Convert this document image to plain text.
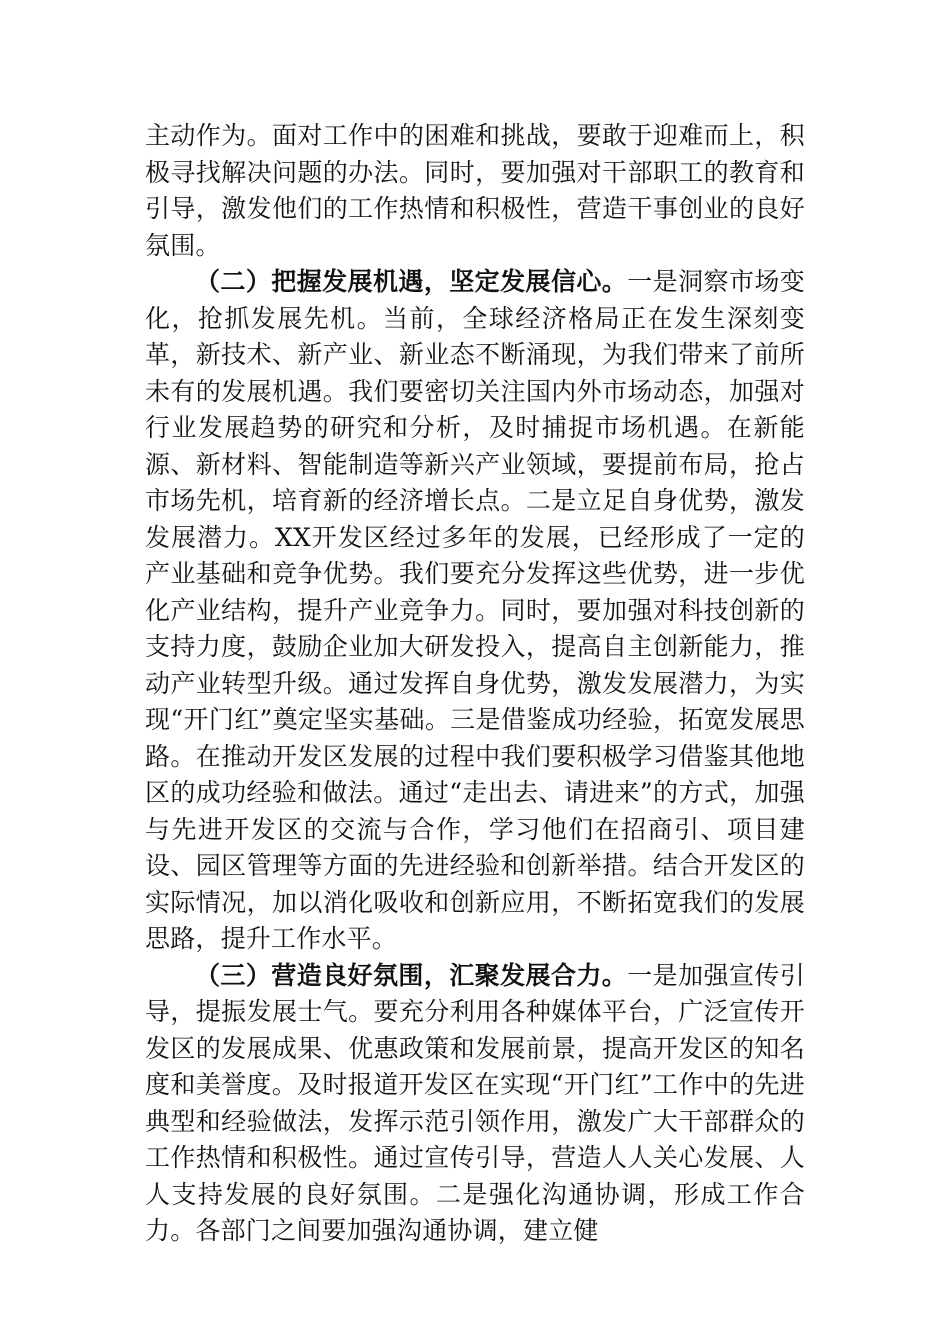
主动作为。面对工作中的困难和挑战，要敢于迎难而上，积极寻找解决问题的办法。同时，要加强对干部职工的教育和引导，激发他们的工作热情和积极性，营造干事创业的良好氛围。

（二）把握发展机遇，坚定发展信心。一是洞察市场变化，抢抓发展先机。当前，全球经济格局正在发生深刻变革，新技术、新产业、新业态不断涌现，为我们带来了前所未有的发展机遇。我们要密切关注国内外市场动态，加强对行业发展趋势的研究和分析，及时捕捉市场机遇。在新能源、新材料、智能制造等新兴产业领域，要提前布局，抢占市场先机，培育新的经济增长点。二是立足自身优势，激发发展潜力。XX开发区经过多年的发展，已经形成了一定的产业基础和竞争优势。我们要充分发挥这些优势，进一步优化产业结构，提升产业竞争力。同时，要加强对科技创新的支持力度，鼓励企业加大研发投入，提高自主创新能力，推动产业转型升级。通过发挥自身优势，激发发展潜力，为实现“开门红”奠定坚实基础。三是借鉴成功经验，拓宽发展思路。在推动开发区发展的过程中我们要积极学习借鉴其他地区的成功经验和做法。通过“走出去、请进来”的方式，加强与先进开发区的交流与合作，学习他们在招商引、项目建设、园区管理等方面的先进经验和创新举措。结合开发区的实际情况，加以消化吸收和创新应用，不断拓宽我们的发展思路，提升工作水平。

（三）营造良好氛围，汇聚发展合力。一是加强宣传引导，提振发展士气。要充分利用各种媒体平台，广泛宣传开发区的发展成果、优惠政策和发展前景，提高开发区的知名度和美誉度。及时报道开发区在实现“开门红”工作中的先进典型和经验做法，发挥示范引领作用，激发广大干部群众的工作热情和积极性。通过宣传引导，营造人人关心发展、人人支持发展的良好氛围。二是强化沟通协调，形成工作合力。各部门之间要加强沟通协调，建立健
